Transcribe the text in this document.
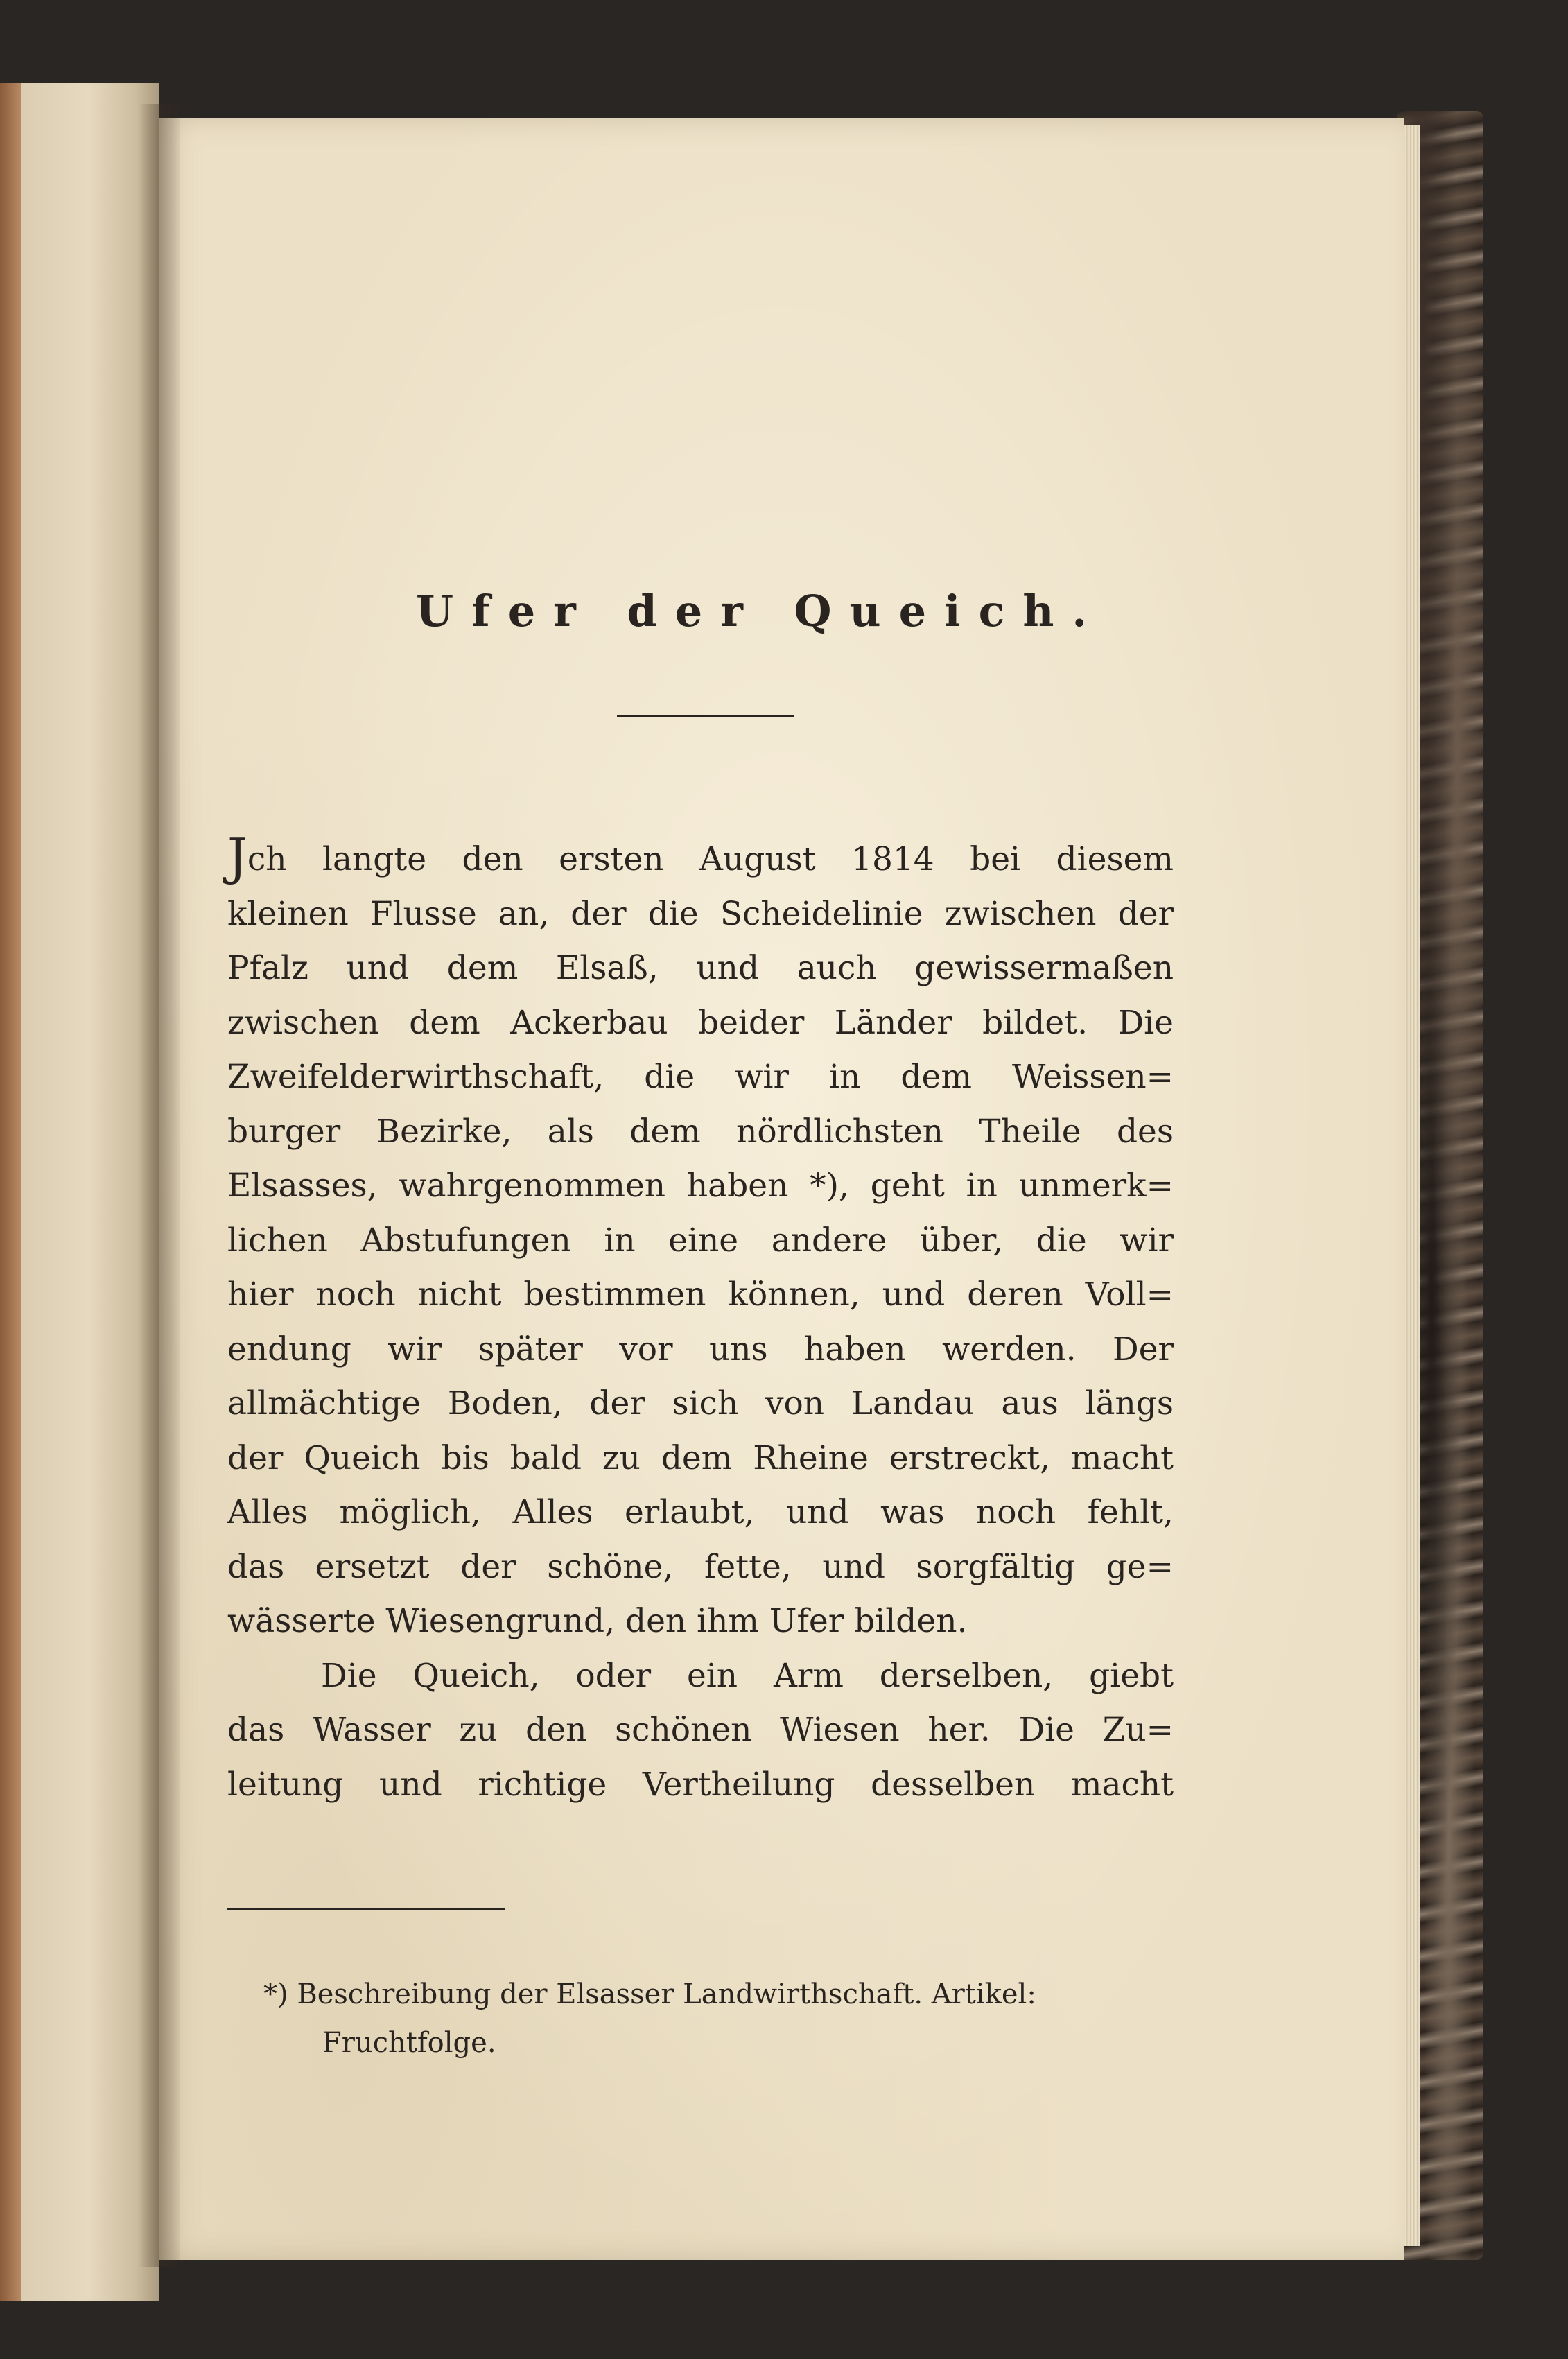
Ufer der Queich.
Jch langte den ersten August 1814 bei diesem
kleinen Flusse an, der die Scheidelinie zwischen der
Pfalz und dem Elsaß, und auch gewissermaßen
zwischen dem Ackerbau beider Länder bildet. Die
Zweifelderwirthschaft, die wir in dem Weissen=
burger Bezirke, als dem nördlichsten Theile des
Elsasses, wahrgenommen haben *), geht in unmerk=
lichen Abstufungen in eine andere über, die wir
hier noch nicht bestimmen können, und deren Voll=
endung wir später vor uns haben werden. Der
allmächtige Boden, der sich von Landau aus längs
der Queich bis bald zu dem Rheine erstreckt, macht
Alles möglich, Alles erlaubt, und was noch fehlt,
das ersetzt der schöne, fette, und sorgfältig ge=
wässerte Wiesengrund, den ihm Ufer bilden.
Die Queich, oder ein Arm derselben, giebt
das Wasser zu den schönen Wiesen her. Die Zu=
leitung und richtige Vertheilung desselben macht
*) Beschreibung der Elsasser Landwirthschaft. Artikel:
Fruchtfolge.
